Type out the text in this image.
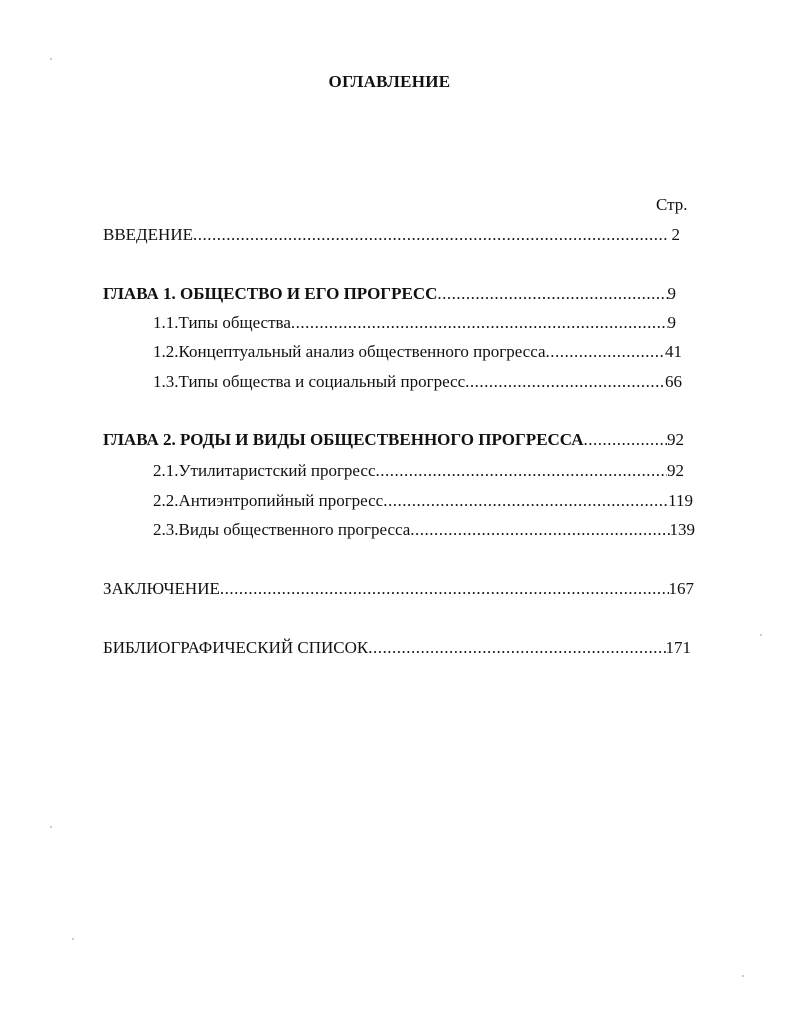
ОГЛАВЛЕНИЕ
Стр.
ВВЕДЕНИЕ .....	2
ГЛАВА 1. ОБЩЕСТВО И ЕГО ПРОГРЕСС .....	9
1.1. Типы общества .....	9
1.2. Концептуальный анализ общественного прогресса .....	41
1.3. Типы общества и социальный прогресс .....	66
ГЛАВА 2. РОДЫ И ВИДЫ ОБЩЕСТВЕННОГО ПРОГРЕССА .....	92
2.1. Утилитаристский прогресс .....	92
2.2. Антиэнтропийный прогресс .....	119
2.3. Виды общественного прогресса .....	139
ЗАКЛЮЧЕНИЕ .....	167
БИБЛИОГРАФИЧЕСКИЙ СПИСОК .....	171
